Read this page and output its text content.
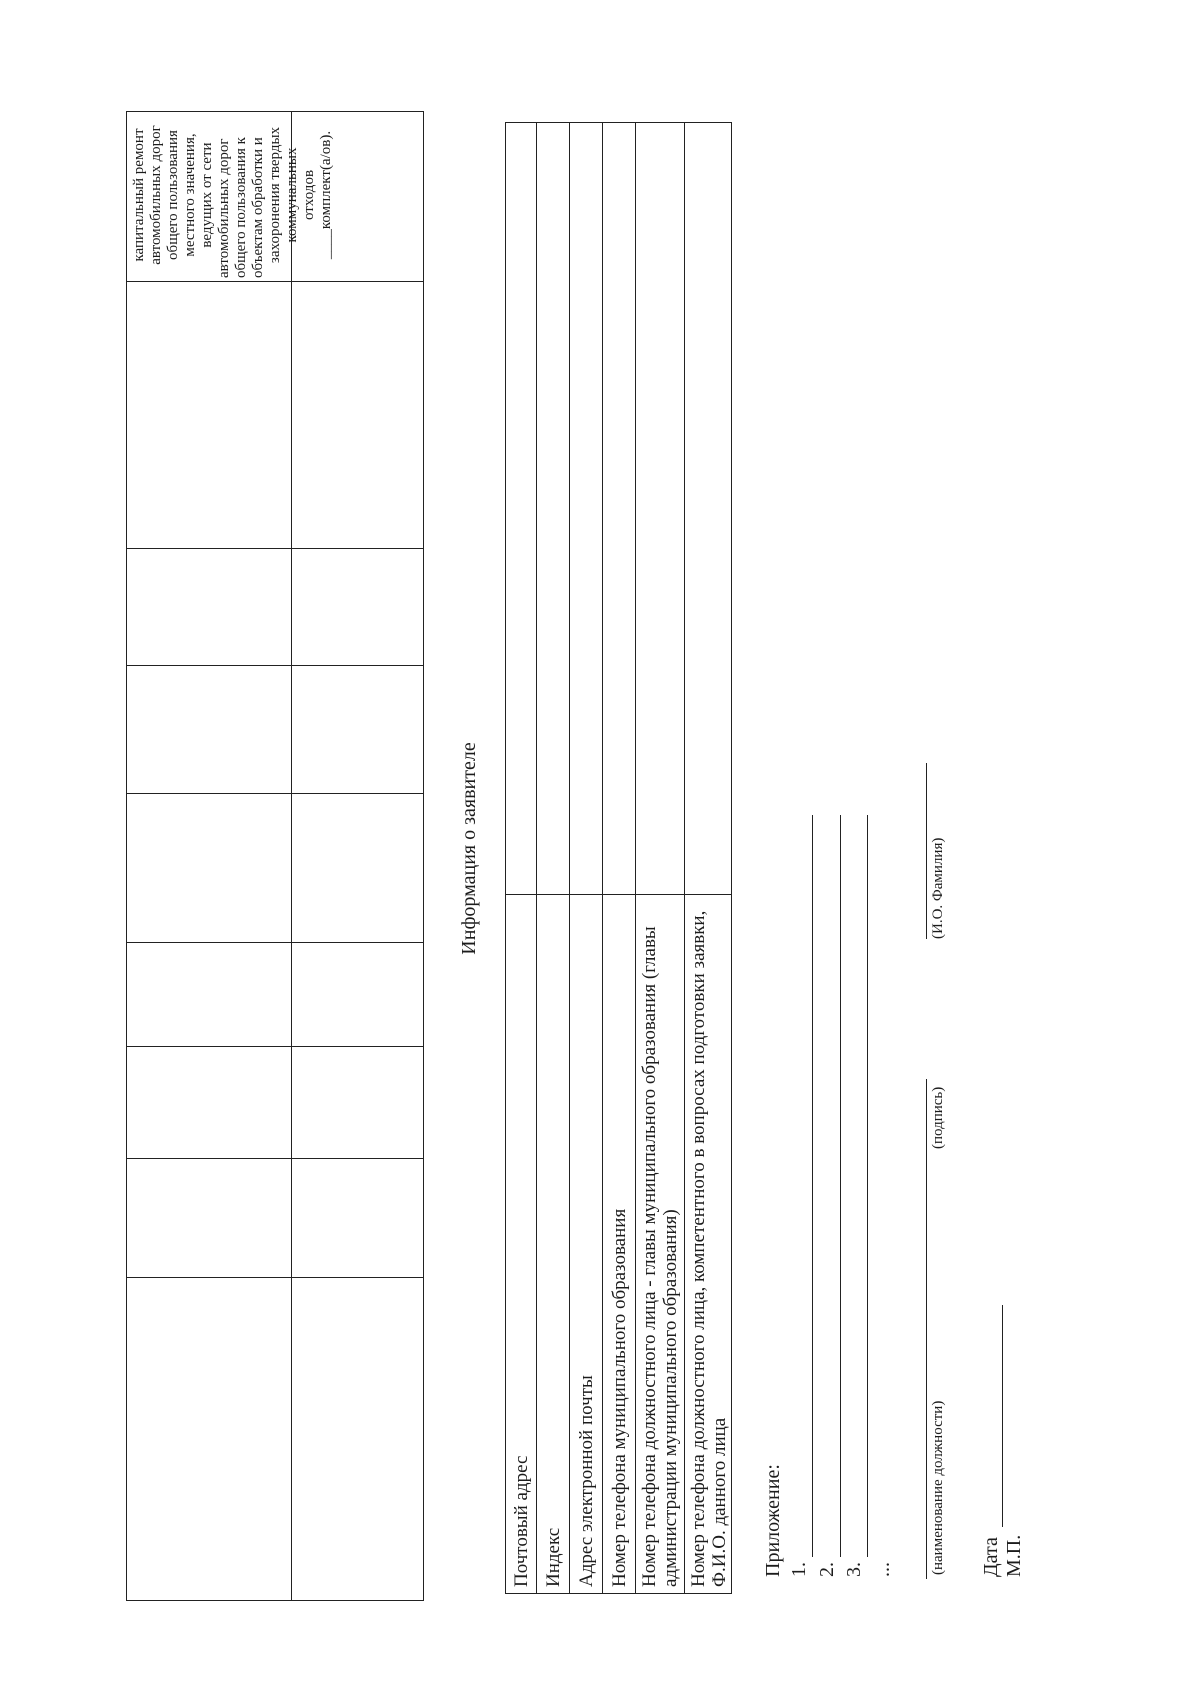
капитальный ремонт автомобильных дорог общего пользования местного значения, ведущих от сети автомобильных дорог общего пользования к объектам обработки и захоронения твердых коммунальных отходов ____комплект(а/ов).
Информация о заявителе
Почтовый адрес Индекс Адрес электронной почты Номер телефона муниципального образования Номер телефона должностного лица - главы муниципального образования (главы администрации муниципального образования) Номер телефона должностного лица, компетентного в вопросах подготовки заявки, Ф.И.О. данного лица Приложение: 1. 2. 3. ... (наименование должности)
(подпись)
(И.О. Фамилия)
Дата М.П.
